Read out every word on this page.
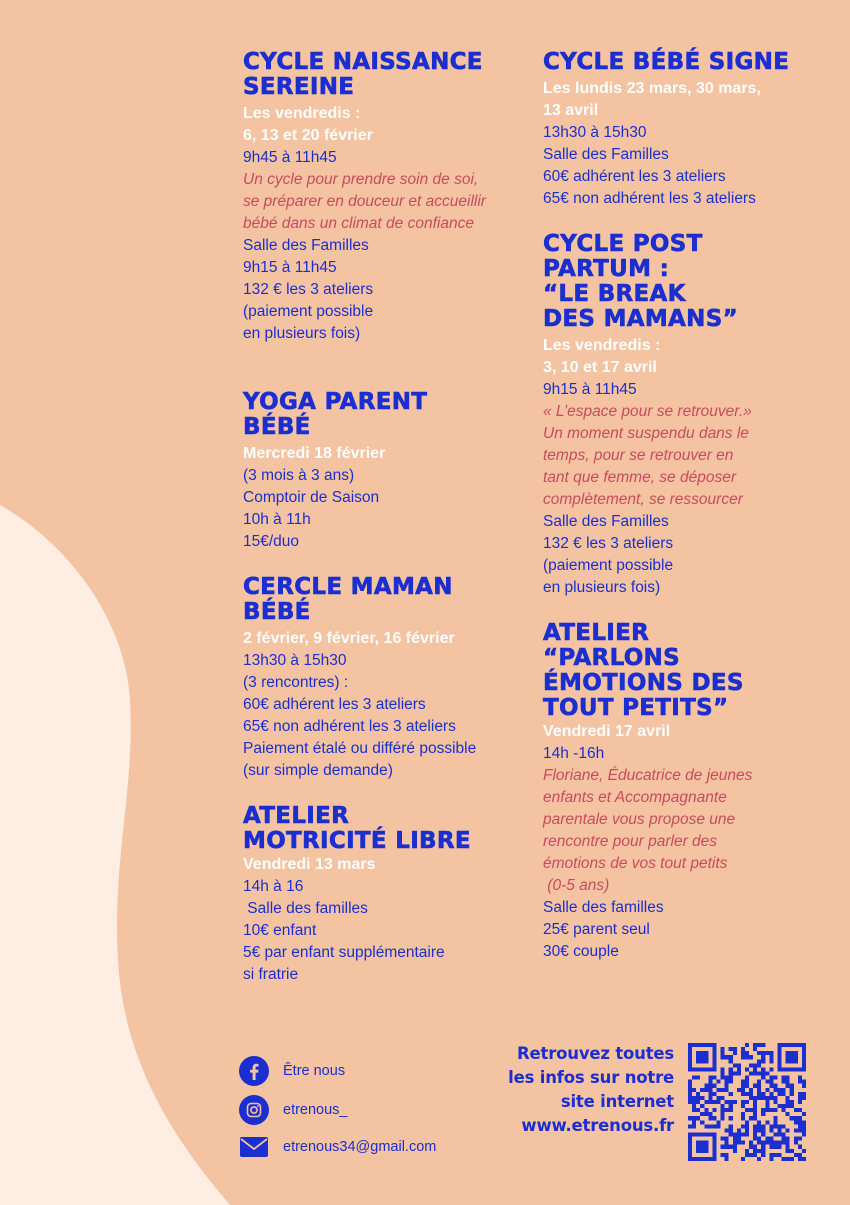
CYCLE NAISSANCE
SEREINE
Les vendredis :
6, 13 et 20 février
9h45 à 11h45
Un cycle pour prendre soin de soi,
se préparer en douceur et accueillir
bébé dans un climat de confiance
Salle des Familles
9h15 à 11h45
132 € les 3 ateliers
(paiement possible
en plusieurs fois)
YOGA PARENT
BÉBÉ
Mercredi 18 février
(3 mois à 3 ans)
Comptoir de Saison
10h à 11h
15€/duo
CERCLE MAMAN
BÉBÉ
2 février, 9 février, 16 février
13h30 à 15h30
(3 rencontres) :
60€ adhérent les 3 ateliers
65€ non adhérent les 3 ateliers
Paiement étalé ou différé possible
(sur simple demande)
ATELIER
MOTRICITÉ LIBRE
Vendredi 13 mars
14h à 16
Salle des familles
10€ enfant
5€ par enfant supplémentaire
si fratrie
CYCLE BÉBÉ SIGNE
Les lundis 23 mars, 30 mars,
13 avril
13h30 à 15h30
Salle des Familles
60€ adhérent les 3 ateliers
65€ non adhérent les 3 ateliers
CYCLE POST
PARTUM :
“LE BREAK
DES MAMANS”
Les vendredis :
3, 10 et 17 avril
9h15 à 11h45
« L’espace pour se retrouver.»
Un moment suspendu dans le
temps, pour se retrouver en
tant que femme, se déposer
complètement, se ressourcer
Salle des Familles
132 € les 3 ateliers
(paiement possible
en plusieurs fois)
ATELIER
“PARLONS
ÉMOTIONS DES
TOUT PETITS”
Vendredi 17 avril
14h -16h
Floriane, Éducatrice de jeunes
enfants et Accompagnante
parentale vous propose une
rencontre pour parler des
émotions de vos tout petits
(0-5 ans)
Salle des familles
25€ parent seul
30€ couple
Être nous
etrenous_
etrenous34@gmail.com
Retrouvez toutes
les infos sur notre
site internet
www.etrenous.fr
